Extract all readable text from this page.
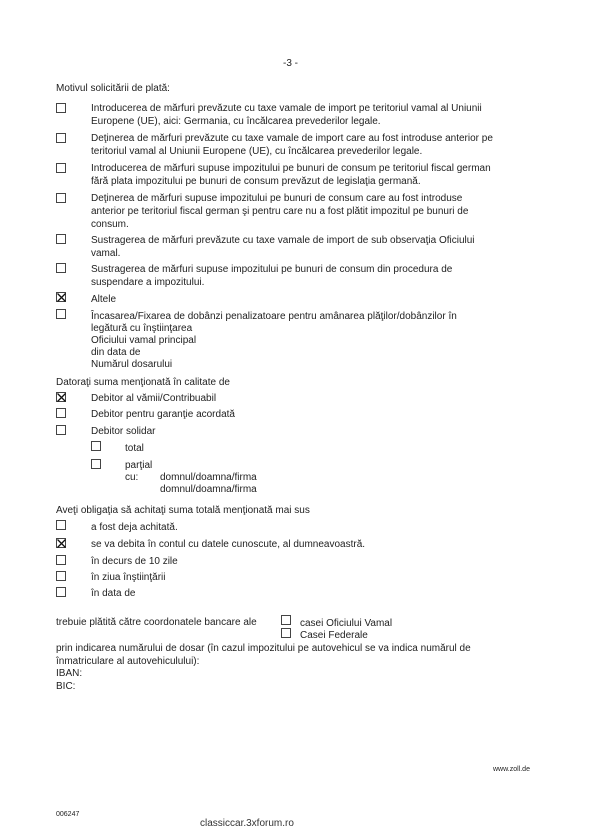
-3 -
Motivul solicitării de plată:
Introducerea de mărfuri prevăzute cu taxe vamale de import pe teritoriul vamal al Uniunii
Europene (UE), aici: Germania, cu încălcarea prevederilor legale.
Deţinerea de mărfuri prevăzute cu taxe vamale de import care au fost introduse anterior pe
teritoriul vamal al Uniunii Europene (UE), cu încălcarea prevederilor legale.
Introducerea de mărfuri supuse impozitului pe bunuri de consum pe teritoriul fiscal german
fără plata impozitului pe bunuri de consum prevăzut de legislaţia germană.
Deţinerea de mărfuri supuse impozitului pe bunuri de consum care au fost introduse
anterior pe teritoriul fiscal german şi pentru care nu a fost plătit impozitul pe bunuri de
consum.
Sustragerea de mărfuri prevăzute cu taxe vamale de import de sub observaţia Oficiului
vamal.
Sustragerea de mărfuri supuse impozitului pe bunuri de consum din procedura de
suspendare a impozitului.
Altele
Încasarea/Fixarea de dobânzi penalizatoare pentru amânarea plăţilor/dobânzilor în
legătură cu înştiinţarea
Oficiului vamal principal
din data de
Numărul dosarului
Datoraţi suma menţionată în calitate de
Debitor al vămii/Contribuabil
Debitor pentru garanţie acordată
Debitor solidar
total
parţial
cu: domnul/doamna/firma
domnul/doamna/firma
Aveţi obligaţia să achitaţi suma totală menţionată mai sus
a fost deja achitată.
se va debita în contul cu datele cunoscute, al dumneavoastră.
în decurs de 10 zile
în ziua înştiinţării
în data de
trebuie plătită către coordonatele bancare ale	casei Oficiului Vamal
Casei Federale
prin indicarea numărului de dosar (în cazul impozitului pe autovehicul se va indica numărul de
înmatriculare al autovehiculului):
IBAN:
BIC:
www.zoll.de
006247
classiccar.3xforum.ro
